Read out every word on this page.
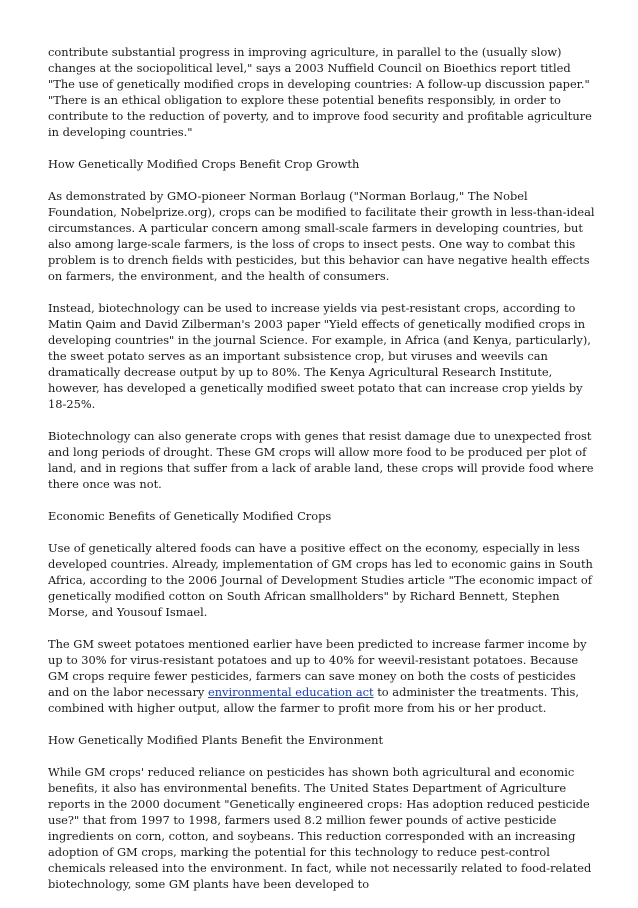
contribute substantial progress in improving agriculture, in parallel to the (usually slow) changes at the sociopolitical level," says a 2003 Nuffield Council on Bioethics report titled "The use of genetically modified crops in developing countries: A follow-up discussion paper." "There is an ethical obligation to explore these potential benefits responsibly, in order to contribute to the reduction of poverty, and to improve food security and profitable agriculture in developing countries."

How Genetically Modified Crops Benefit Crop Growth

As demonstrated by GMO-pioneer Norman Borlaug ("Norman Borlaug," The Nobel Foundation, Nobelprize.org), crops can be modified to facilitate their growth in less-than-ideal circumstances. A particular concern among small-scale farmers in developing countries, but also among large-scale farmers, is the loss of crops to insect pests. One way to combat this problem is to drench fields with pesticides, but this behavior can have negative health effects on farmers, the environment, and the health of consumers.

Instead, biotechnology can be used to increase yields via pest-resistant crops, according to Matin Qaim and David Zilberman's 2003 paper "Yield effects of genetically modified crops in developing countries" in the journal Science. For example, in Africa (and Kenya, particularly), the sweet potato serves as an important subsistence crop, but viruses and weevils can dramatically decrease output by up to 80%. The Kenya Agricultural Research Institute, however, has developed a genetically modified sweet potato that can increase crop yields by 18-25%.

Biotechnology can also generate crops with genes that resist damage due to unexpected frost and long periods of drought. These GM crops will allow more food to be produced per plot of land, and in regions that suffer from a lack of arable land, these crops will provide food where there once was not.

Economic Benefits of Genetically Modified Crops

Use of genetically altered foods can have a positive effect on the economy, especially in less developed countries. Already, implementation of GM crops has led to economic gains in South Africa, according to the 2006 Journal of Development Studies article "The economic impact of genetically modified cotton on South African smallholders" by Richard Bennett, Stephen Morse, and Yousouf Ismael.

The GM sweet potatoes mentioned earlier have been predicted to increase farmer income by up to 30% for virus-resistant potatoes and up to 40% for weevil-resistant potatoes. Because GM crops require fewer pesticides, farmers can save money on both the costs of pesticides and on the labor necessary environmental education act to administer the treatments. This, combined with higher output, allow the farmer to profit more from his or her product.

How Genetically Modified Plants Benefit the Environment

While GM crops' reduced reliance on pesticides has shown both agricultural and economic benefits, it also has environmental benefits. The United States Department of Agriculture reports in the 2000 document "Genetically engineered crops: Has adoption reduced pesticide use?" that from 1997 to 1998, farmers used 8.2 million fewer pounds of active pesticide ingredients on corn, cotton, and soybeans. This reduction corresponded with an increasing adoption of GM crops, marking the potential for this technology to reduce pest-control chemicals released into the environment. In fact, while not necessarily related to food-related biotechnology, some GM plants have been developed to
